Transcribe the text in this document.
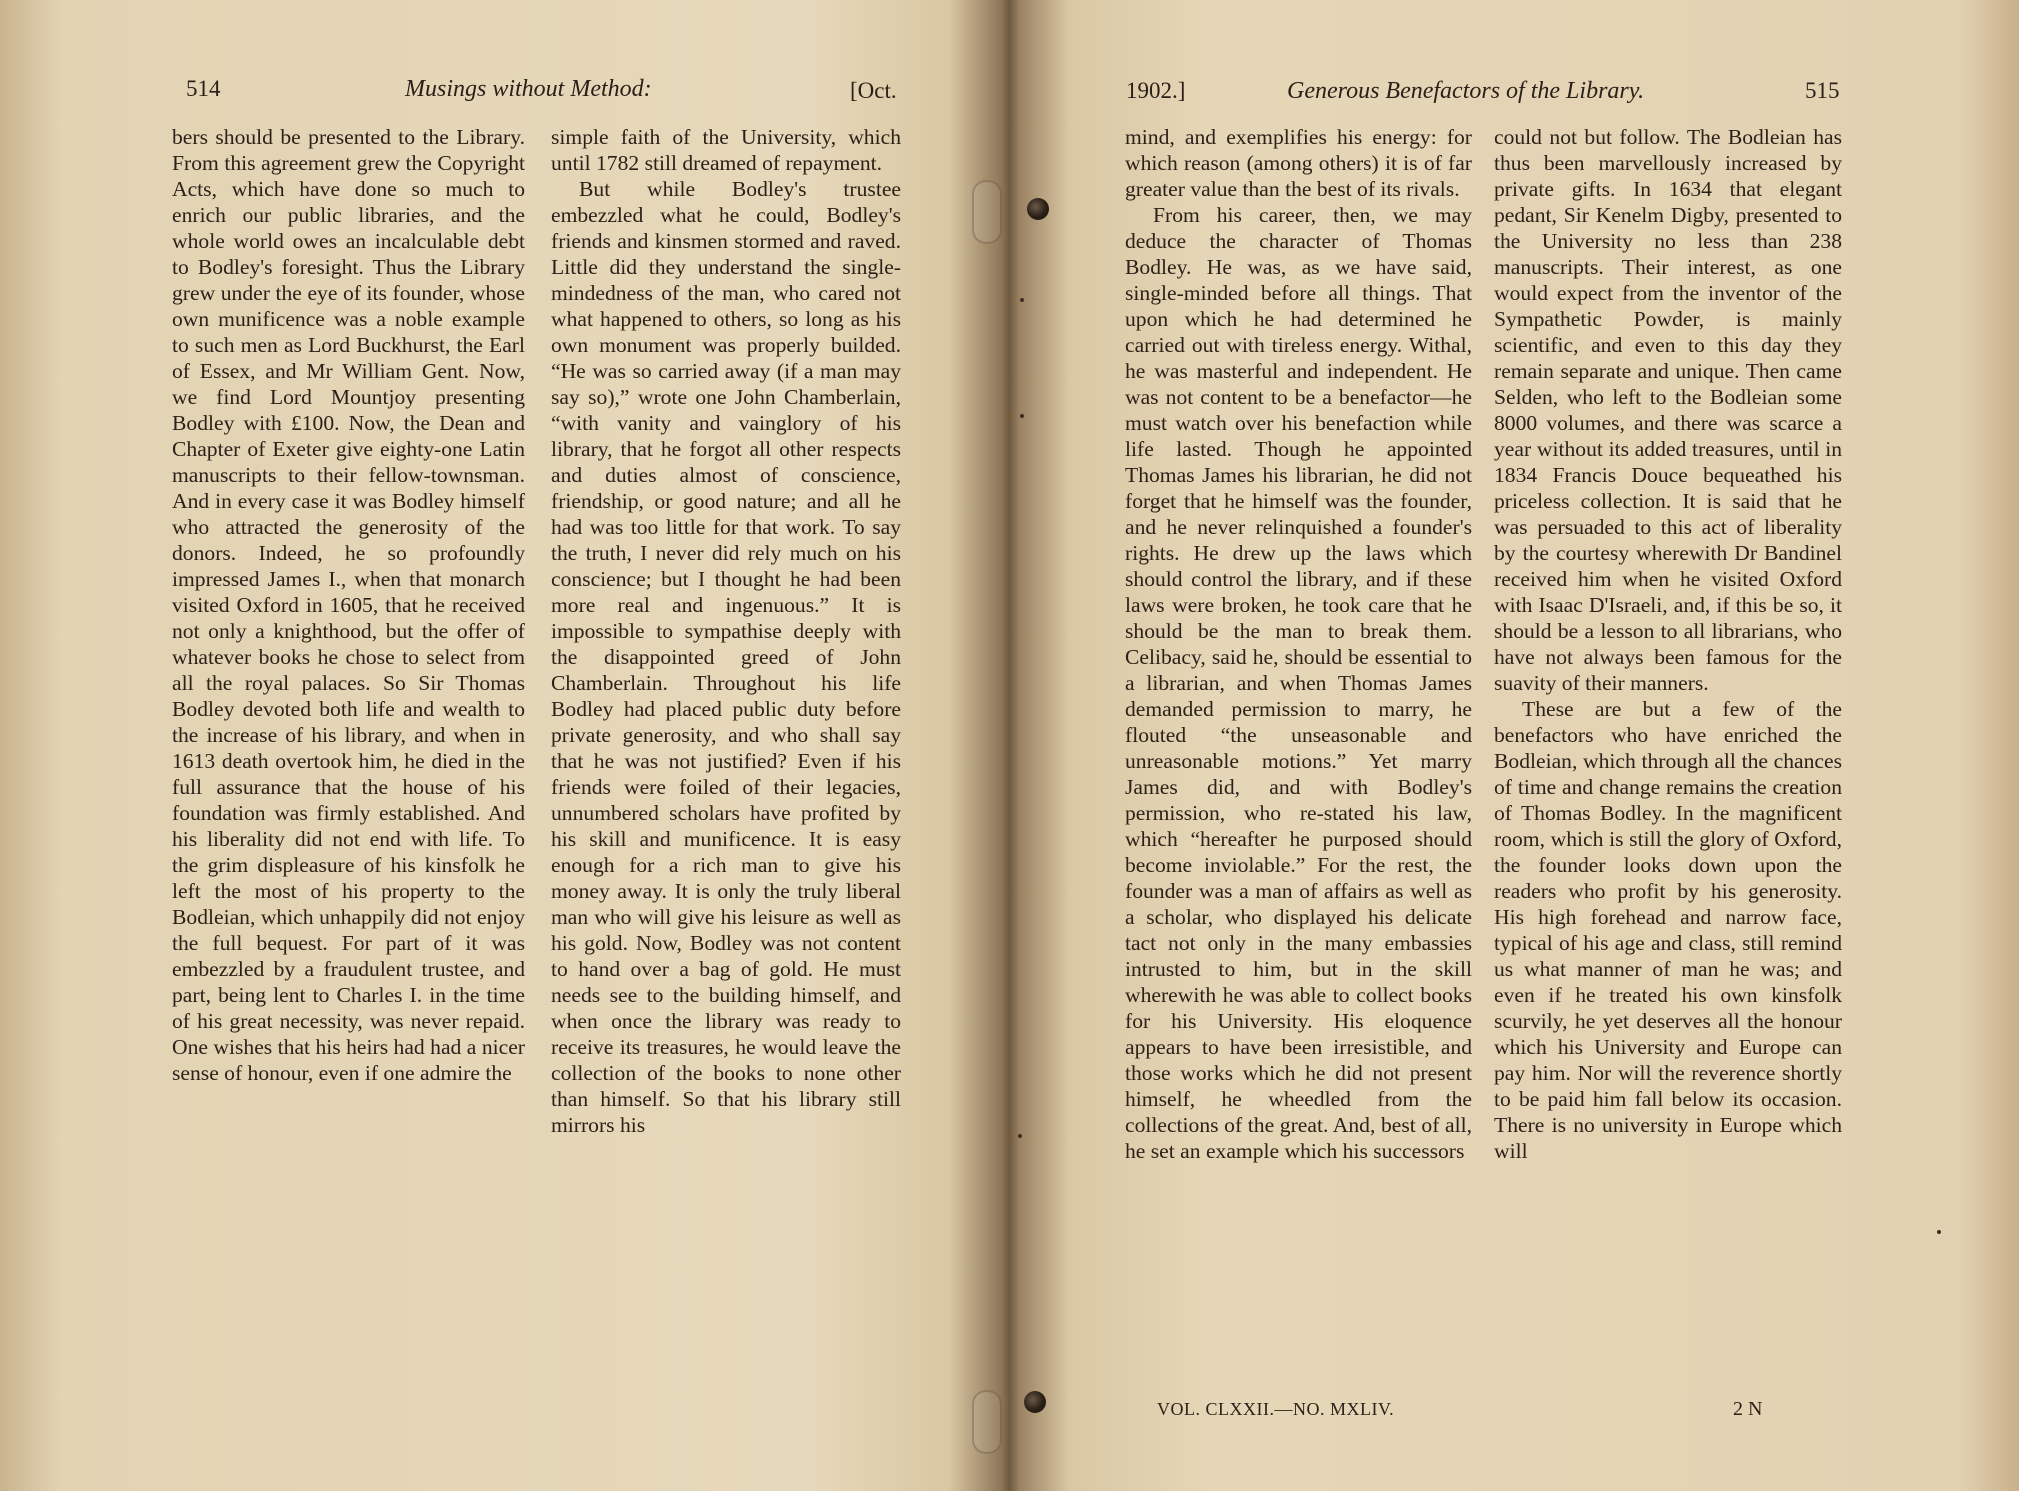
514	Musings without Method:	[Oct.

bers should be presented to the Library. From this agreement grew the Copyright Acts, which have done so much to enrich our public libraries, and the whole world owes an incalculable debt to Bodley's foresight. Thus the Library grew under the eye of its founder, whose own munificence was a noble example to such men as Lord Buckhurst, the Earl of Essex, and Mr William Gent. Now, we find Lord Mountjoy presenting Bodley with £100. Now, the Dean and Chapter of Exeter give eighty-one Latin manuscripts to their fellow-townsman. And in every case it was Bodley himself who attracted the generosity of the donors. Indeed, he so profoundly impressed James I., when that monarch visited Oxford in 1605, that he received not only a knighthood, but the offer of whatever books he chose to select from all the royal palaces. So Sir Thomas Bodley devoted both life and wealth to the increase of his library, and when in 1613 death overtook him, he died in the full assurance that the house of his foundation was firmly established. And his liberality did not end with life. To the grim displeasure of his kinsfolk he left the most of his property to the Bodleian, which unhappily did not enjoy the full bequest. For part of it was embezzled by a fraudulent trustee, and part, being lent to Charles I. in the time of his great necessity, was never repaid. One wishes that his heirs had had a nicer sense of honour, even if one admire the

simple faith of the University, which until 1782 still dreamed of repayment.

But while Bodley's trustee embezzled what he could, Bodley's friends and kinsmen stormed and raved. Little did they understand the single-mindedness of the man, who cared not what happened to others, so long as his own monument was properly builded. “He was so carried away (if a man may say so),” wrote one John Chamberlain, “with vanity and vainglory of his library, that he forgot all other respects and duties almost of conscience, friendship, or good nature; and all he had was too little for that work. To say the truth, I never did rely much on his conscience; but I thought he had been more real and ingenuous.” It is impossible to sympathise deeply with the disappointed greed of John Chamberlain. Throughout his life Bodley had placed public duty before private generosity, and who shall say that he was not justified? Even if his friends were foiled of their legacies, unnumbered scholars have profited by his skill and munificence. It is easy enough for a rich man to give his money away. It is only the truly liberal man who will give his leisure as well as his gold. Now, Bodley was not content to hand over a bag of gold. He must needs see to the building himself, and when once the library was ready to receive its treasures, he would leave the collection of the books to none other than himself. So that his library still mirrors his

1902.]	Generous Benefactors of the Library.	515

mind, and exemplifies his energy: for which reason (among others) it is of far greater value than the best of its rivals.

From his career, then, we may deduce the character of Thomas Bodley. He was, as we have said, single-minded before all things. That upon which he had determined he carried out with tireless energy. Withal, he was masterful and independent. He was not content to be a benefactor—he must watch over his benefaction while life lasted. Though he appointed Thomas James his librarian, he did not forget that he himself was the founder, and he never relinquished a founder's rights. He drew up the laws which should control the library, and if these laws were broken, he took care that he should be the man to break them. Celibacy, said he, should be essential to a librarian, and when Thomas James demanded permission to marry, he flouted “the unseasonable and unreasonable motions.” Yet marry James did, and with Bodley's permission, who re-stated his law, which “hereafter he purposed should become inviolable.” For the rest, the founder was a man of affairs as well as a scholar, who displayed his delicate tact not only in the many embassies intrusted to him, but in the skill wherewith he was able to collect books for his University. His eloquence appears to have been irresistible, and those works which he did not present himself, he wheedled from the collections of the great. And, best of all, he set an example which his successors

could not but follow. The Bodleian has thus been marvellously increased by private gifts. In 1634 that elegant pedant, Sir Kenelm Digby, presented to the University no less than 238 manuscripts. Their interest, as one would expect from the inventor of the Sympathetic Powder, is mainly scientific, and even to this day they remain separate and unique. Then came Selden, who left to the Bodleian some 8000 volumes, and there was scarce a year without its added treasures, until in 1834 Francis Douce bequeathed his priceless collection. It is said that he was persuaded to this act of liberality by the courtesy wherewith Dr Bandinel received him when he visited Oxford with Isaac D'Israeli, and, if this be so, it should be a lesson to all librarians, who have not always been famous for the suavity of their manners.

These are but a few of the benefactors who have enriched the Bodleian, which through all the chances of time and change remains the creation of Thomas Bodley. In the magnificent room, which is still the glory of Oxford, the founder looks down upon the readers who profit by his generosity. His high forehead and narrow face, typical of his age and class, still remind us what manner of man he was; and even if he treated his own kinsfolk scurvily, he yet deserves all the honour which his University and Europe can pay him. Nor will the reverence shortly to be paid him fall below its occasion. There is no university in Europe which will

VOL. CLXXII.—NO. MXLIV.	2 N
